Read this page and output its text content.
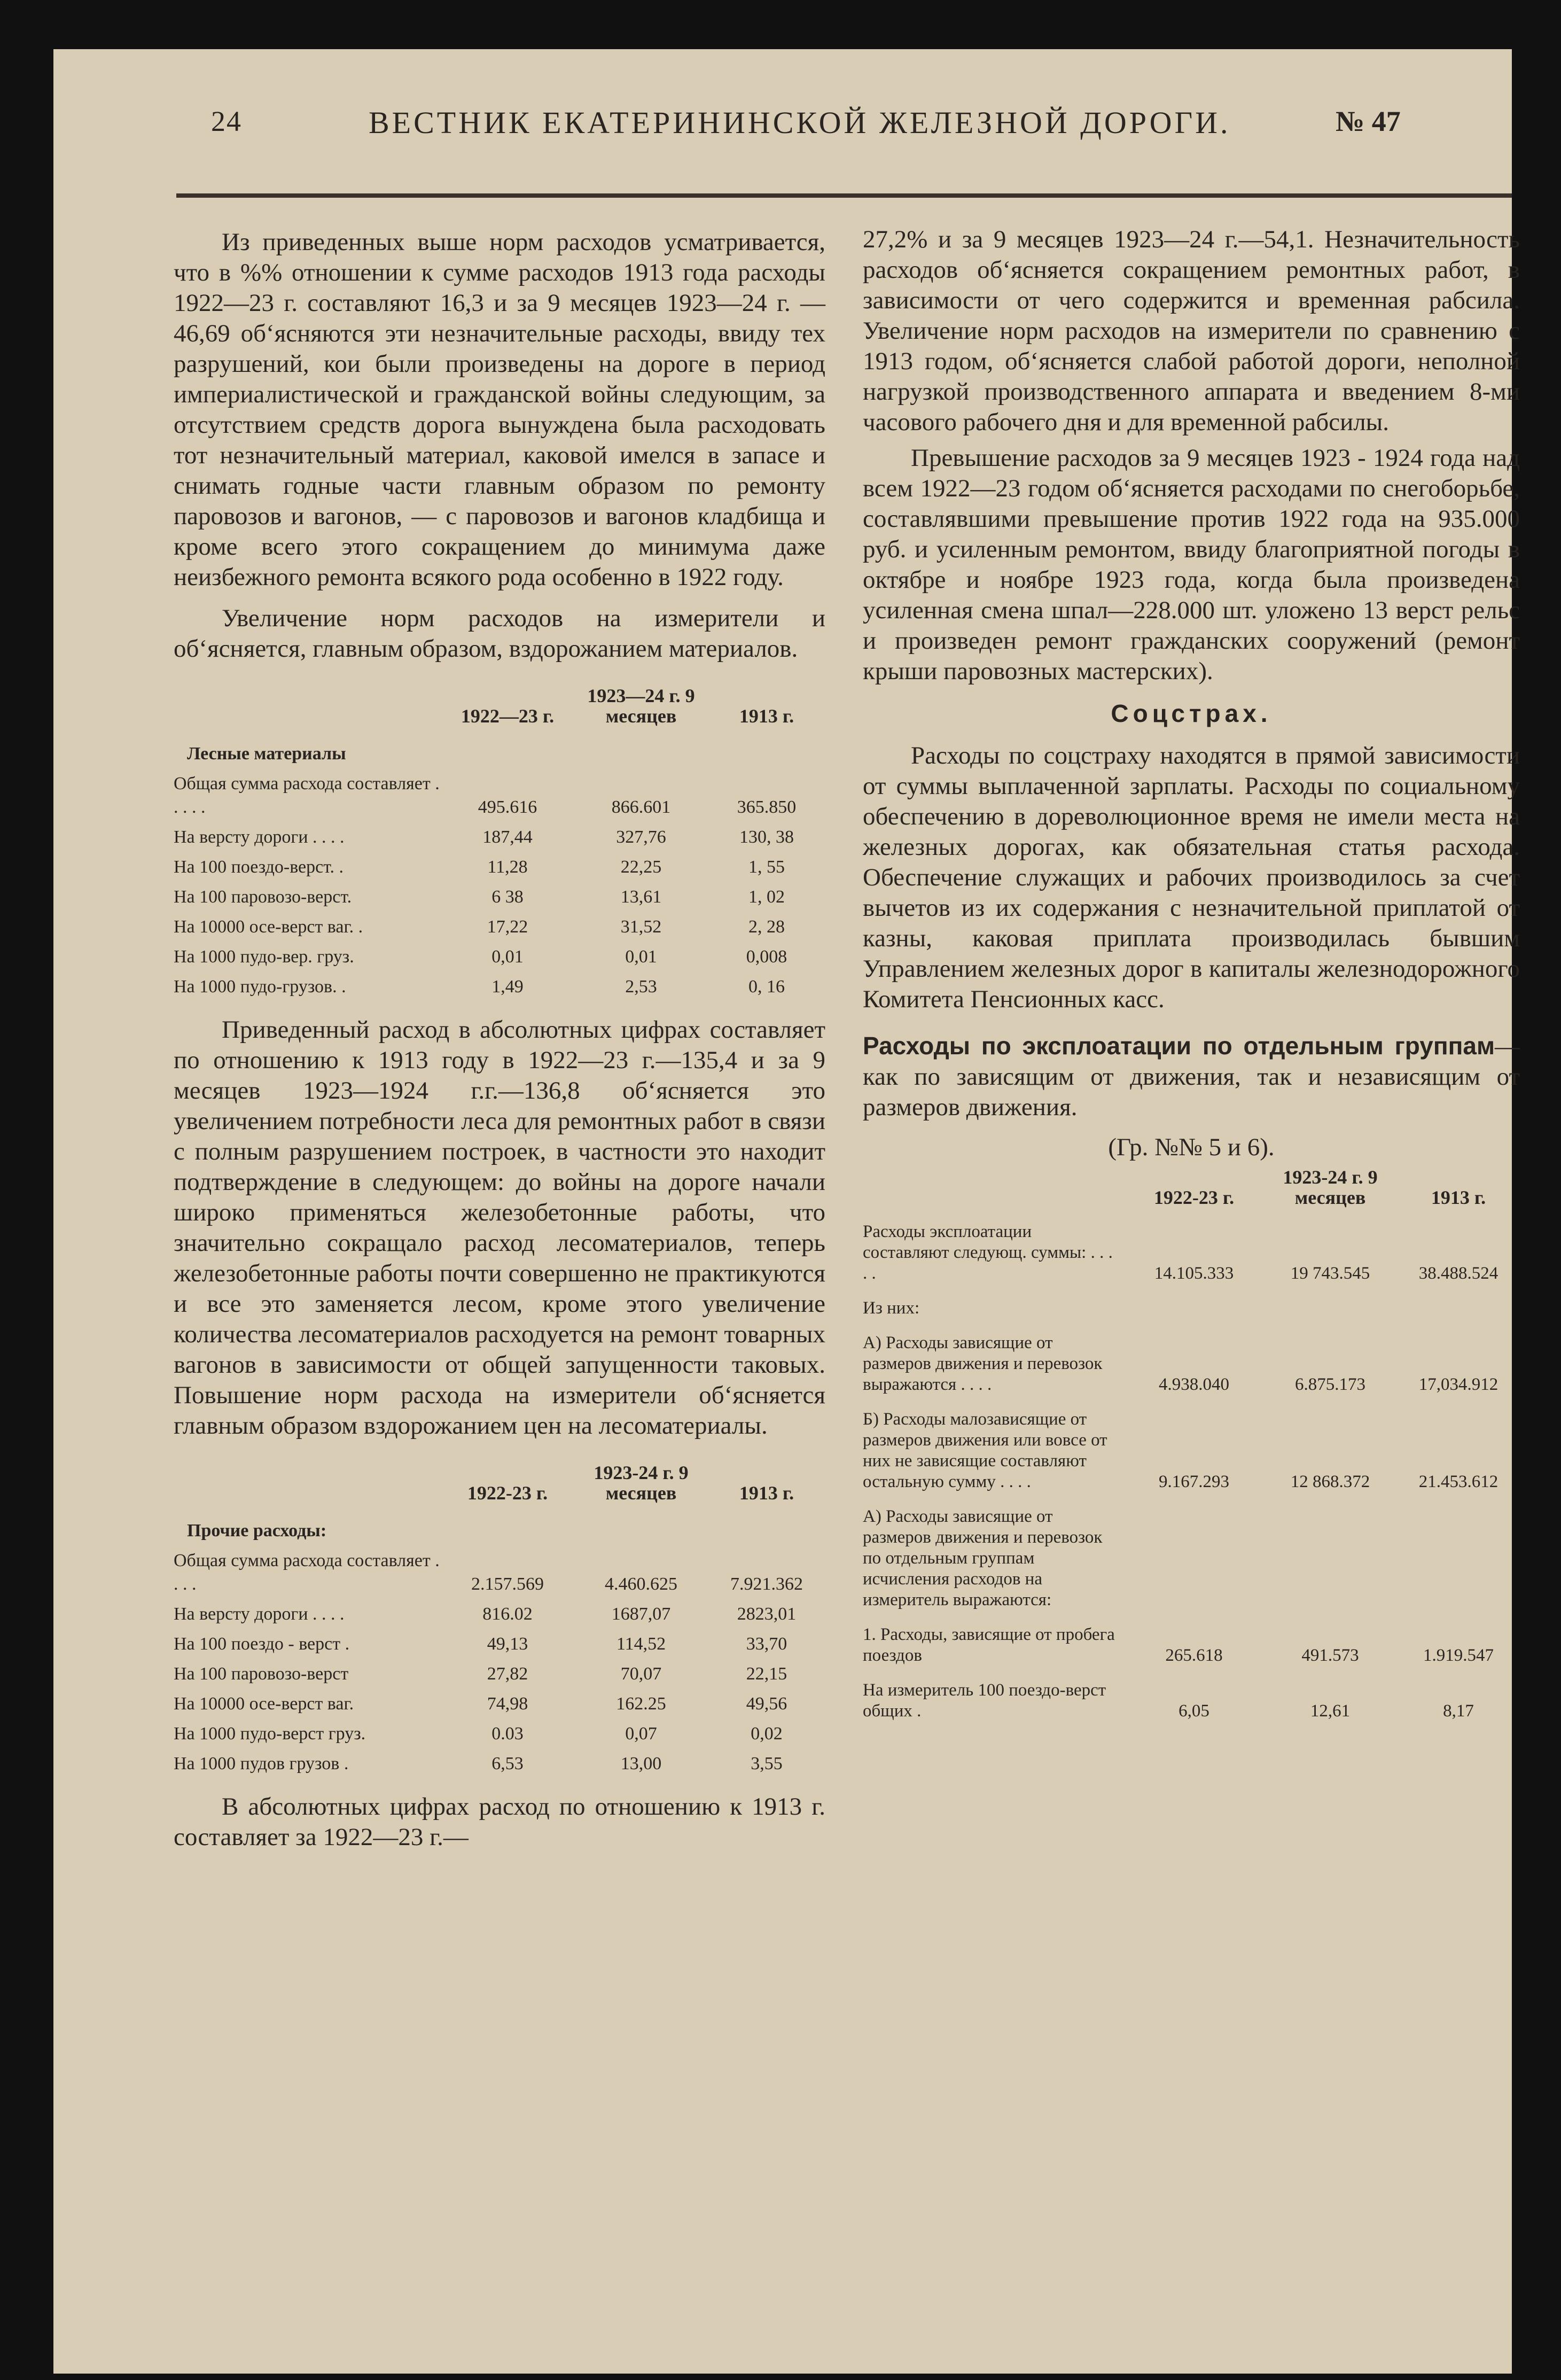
24	ВЕСТНИК ЕКАТЕРИНИНСКОЙ ЖЕЛЕЗНОЙ ДОРОГИ.	№ 47

Из приведенных выше норм расходов усматривается, что в %% отношении к сумме расходов 1913 года расходы 1922—23 г. составляют 16,3 и за 9 месяцев 1923—24 г. — 46,69 об‘ясняются эти незначительные расходы, ввиду тех разрушений, кои были произведены на дороге в период империалистической и гражданской войны следующим, за отсутствием средств дорога вынуждена была расходовать тот незначительный материал, каковой имелся в запасе и снимать годные части главным образом по ремонту паровозов и вагонов, — с паровозов и вагонов кладбища и кроме всего этого сокращением до минимума даже неизбежного ремонта всякого рода особенно в 1922 году.

Увеличение норм расходов на измерители и об‘ясняется, главным образом, вздорожанием материалов.

	1922—23 г.	1923—24 г. 9 месяцев	1913 г.
Лесные материалы			
Общая сумма расхода составляет . . . . .	495.616	866.601	365.850
На версту дороги . . . .	187,44	327,76	130, 38
На 100 поездо-верст. .	11,28	22,25	1, 55
На 100 паровозо-верст.	6 38	13,61	1, 02
На 10000 осе-верст ваг. .	17,22	31,52	2, 28
На 1000 пудо-вер. груз.	0,01	0,01	0,008
На 1000 пудо-грузов. .	1,49	2,53	0, 16

Приведенный расход в абсолютных цифрах составляет по отношению к 1913 году в 1922—23 г.—135,4 и за 9 месяцев 1923—1924 г.г.—136,8 об‘ясняется это увеличением потребности леса для ремонтных работ в связи с полным разрушением построек, в частности это находит подтверждение в следующем: до войны на дороге начали широко применяться железобетонные работы, что значительно сокращало расход лесоматериалов, теперь железобетонные работы почти совершенно не практикуются и все это заменяется лесом, кроме этого увеличение количества лесоматериалов расходуется на ремонт товарных вагонов в зависимости от общей запущенности таковых. Повышение норм расхода на измерители об‘ясняется главным образом вздорожанием цен на лесоматериалы.

	1922-23 г.	1923-24 г. 9 месяцев	1913 г.
Прочие расходы:			
Общая сумма расхода составляет . . . .	2.157.569	4.460.625	7.921.362
На версту дороги . . . .	816.02	1687,07	2823,01
На 100 поездо - верст .	49,13	114,52	33,70
На 100 паровозо-верст	27,82	70,07	22,15
На 10000 осе-верст ваг.	74,98	162.25	49,56
На 1000 пудо-верст груз.	0.03	0,07	0,02
На 1000 пудов грузов .	6,53	13,00	3,55

В абсолютных цифрах расход по отношению к 1913 г. составляет за 1922—23 г.—

27,2% и за 9 месяцев 1923—24 г.—54,1. Незначительность расходов об‘ясняется сокращением ремонтных работ, в зависимости от чего содержится и временная рабсила. Увеличение норм расходов на измерители по сравнению с 1913 годом, об‘ясняется слабой работой дороги, неполной нагрузкой производственного аппарата и введением 8-ми часового рабочего дня и для временной рабсилы.

Превышение расходов за 9 месяцев 1923 - 1924 года над всем 1922—23 годом об‘ясняется расходами по снегоборьбе, составлявшими превышение против 1922 года на 935.000 руб. и усиленным ремонтом, ввиду благоприятной погоды в октябре и ноябре 1923 года, когда была произведена усиленная смена шпал—228.000 шт. уложено 13 верст рельс и произведен ремонт гражданских сооружений (ремонт крыши паровозных мастерских).

Соцстрах.

Расходы по соцстраху находятся в прямой зависимости от суммы выплаченной зарплаты. Расходы по социальному обеспечению в дореволюционное время не имели места на железных дорогах, как обязательная статья расхода. Обеспечение служащих и рабочих производилось за счет вычетов из их содержания с незначительной приплатой от казны, каковая приплата производилась бывшим Управлением железных дорог в капиталы железнодорожного Комитета Пенсионных касс.

Расходы по эксплоатации по отдельным группам—как по зависящим от движения, так и независящим от размеров движения.

(Гр. №№ 5 и 6).
	1922-23 г.	1923-24 г. 9 месяцев	1913 г.
Расходы эксплоатации составляют следующ. суммы: . . . . .	14.105.333	19 743.545	38.488.524
Из них:			
А) Расходы зависящие от размеров движения и перевозок выражаются . . . .	4.938.040	6.875.173	17,034.912
Б) Расходы малозависящие от размеров движения или вовсе от них не зависящие составляют остальную сумму . . . .	9.167.293	12 868.372	21.453.612
А) Расходы зависящие от размеров движения и перевозок по отдельным группам исчисления расходов на измеритель выражаются:			
1. Расходы, зависящие от пробега поездов	265.618	491.573	1.919.547
На измеритель 100 поездо-верст общих .	6,05	12,61	8,17
